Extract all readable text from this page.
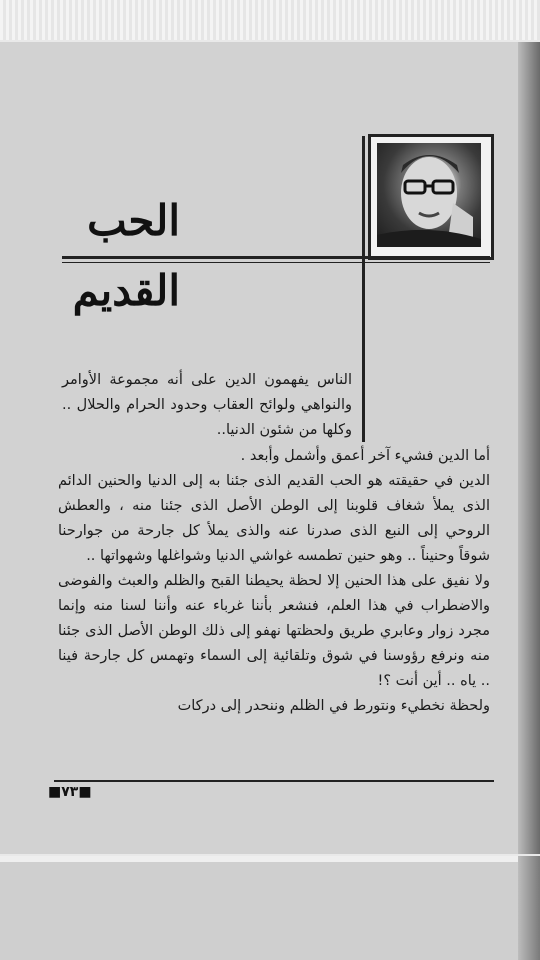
الحب
القديم
الناس يفهمون الدين على أنه مجموعة الأوامر والنواهي ولوائح العقاب وحدود الحرام والحلال .. وكلها من شئون الدنيا..

أما الدين فشيء آخر أعمق وأشمل وأبعد .

الدين في حقيقته هو الحب القديم الذى جئنا به إلى الدنيا والحنين الدائم الذى يملأ شغاف قلوبنا إلى الوطن الأصل الذى جئنا منه ، والعطش الروحي إلى النبع الذى صدرنا عنه والذى يملأ كل جارحة من جوارحنا شوقاً وحنيناً .. وهو حنين تطمسه غواشي الدنيا وشواغلها وشهواتها ..

ولا نفيق على هذا الحنين إلا لحظة يحيطنا القبح والظلم والعبث والفوضى والاضطراب في هذا العلم، فنشعر بأننا غرباء عنه وأننا لسنا منه وإنما مجرد زوار وعابري طريق ولحظتها نهفو إلى ذلك الوطن الأصل الذى جئنا منه ونرفع رؤوسنا في شوق وتلقائية إلى السماء وتهمس كل جارحة فينا .. ياه .. أين أنت ؟!

ولحظة نخطيء ونتورط في الظلم وننحدر إلى دركات

■٧٣■
